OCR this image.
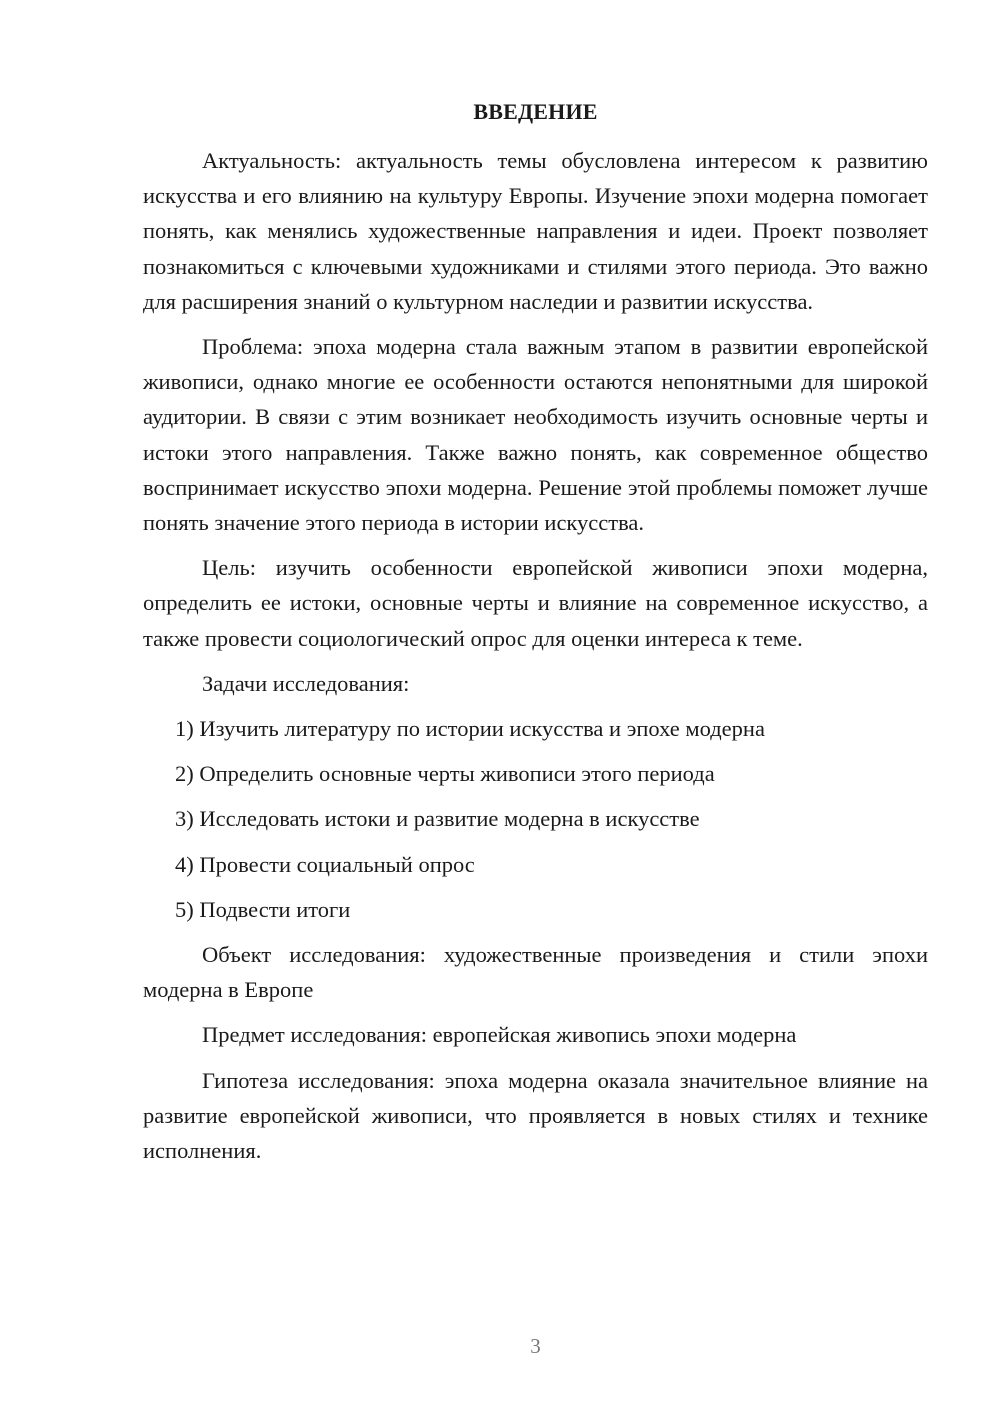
ВВЕДЕНИЕ

Актуальность: актуальность темы обусловлена интересом к развитию искусства и его влиянию на культуру Европы. Изучение эпохи модерна помогает понять, как менялись художественные направления и идеи. Проект позволяет познакомиться с ключевыми художниками и стилями этого периода. Это важно для расширения знаний о культурном наследии и развитии искусства.

Проблема: эпоха модерна стала важным этапом в развитии европейской живописи, однако многие ее особенности остаются непонятными для широкой аудитории. В связи с этим возникает необходимость изучить основные черты и истоки этого направления. Также важно понять, как современное общество воспринимает искусство эпохи модерна. Решение этой проблемы поможет лучше понять значение этого периода в истории искусства.

Цель: изучить особенности европейской живописи эпохи модерна, определить ее истоки, основные черты и влияние на современное искусство, а также провести социологический опрос для оценки интереса к теме.

Задачи исследования:

1) Изучить литературу по истории искусства и эпохе модерна
2) Определить основные черты живописи этого периода
3) Исследовать истоки и развитие модерна в искусстве
4) Провести социальный опрос
5) Подвести итоги

Объект исследования: художественные произведения и стили эпохи модерна в Европе

Предмет исследования: европейская живопись эпохи модерна

Гипотеза исследования: эпоха модерна оказала значительное влияние на развитие европейской живописи, что проявляется в новых стилях и технике исполнения.

3
